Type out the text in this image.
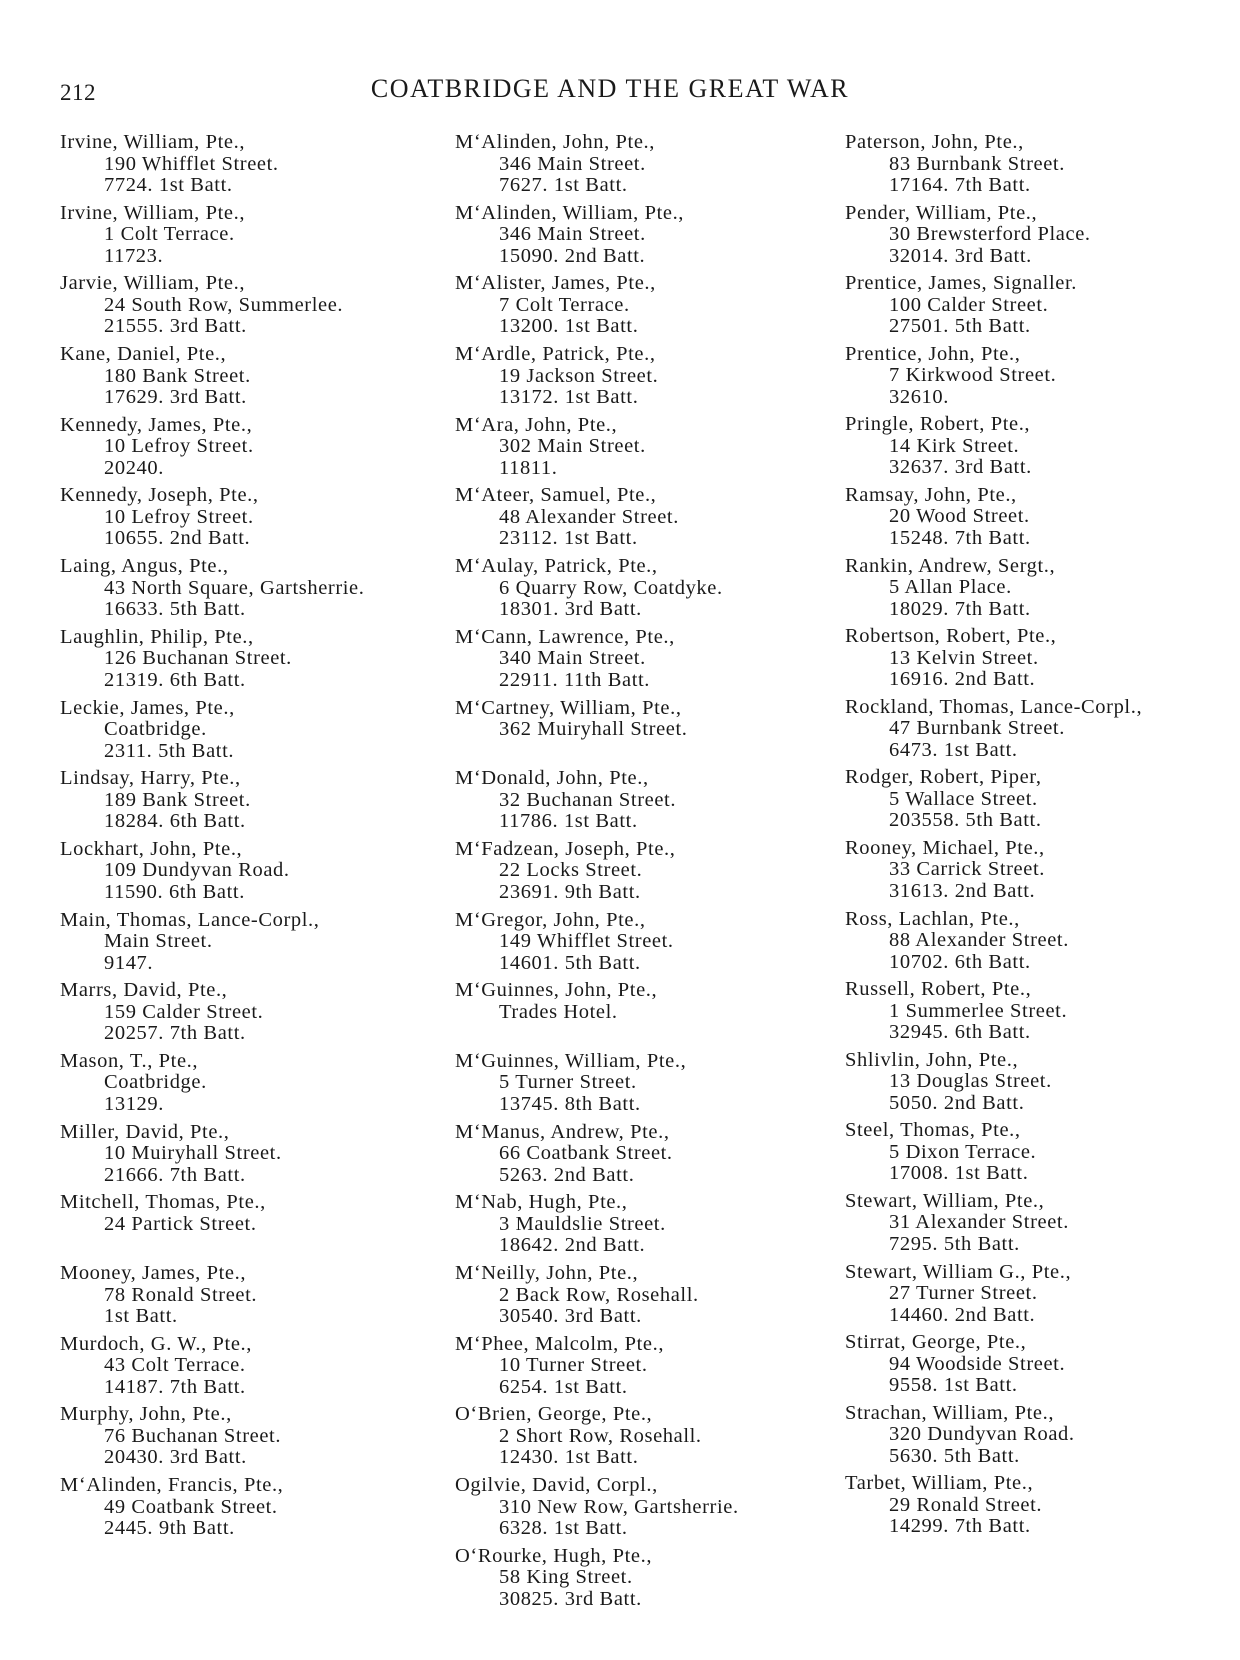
212	COATBRIDGE AND THE GREAT WAR
Irvine, William, Pte.,
190 Whifflet Street.
7724. 1st Batt.
Irvine, William, Pte.,
1 Colt Terrace.
11723.
Jarvie, William, Pte.,
24 South Row, Summerlee.
21555. 3rd Batt.
Kane, Daniel, Pte.,
180 Bank Street.
17629. 3rd Batt.
Kennedy, James, Pte.,
10 Lefroy Street.
20240.
Kennedy, Joseph, Pte.,
10 Lefroy Street.
10655. 2nd Batt.
Laing, Angus, Pte.,
43 North Square, Gartsherrie.
16633. 5th Batt.
Laughlin, Philip, Pte.,
126 Buchanan Street.
21319. 6th Batt.
Leckie, James, Pte.,
Coatbridge.
2311. 5th Batt.
Lindsay, Harry, Pte.,
189 Bank Street.
18284. 6th Batt.
Lockhart, John, Pte.,
109 Dundyvan Road.
11590. 6th Batt.
Main, Thomas, Lance-Corpl.,
Main Street.
9147.
Marrs, David, Pte.,
159 Calder Street.
20257. 7th Batt.
Mason, T., Pte.,
Coatbridge.
13129.
Miller, David, Pte.,
10 Muiryhall Street.
21666. 7th Batt.
Mitchell, Thomas, Pte.,
24 Partick Street.
Mooney, James, Pte.,
78 Ronald Street.
1st Batt.
Murdoch, G. W., Pte.,
43 Colt Terrace.
14187. 7th Batt.
Murphy, John, Pte.,
76 Buchanan Street.
20430. 3rd Batt.
M‘Alinden, Francis, Pte.,
49 Coatbank Street.
2445. 9th Batt.
M‘Alinden, John, Pte.,
346 Main Street.
7627. 1st Batt.
M‘Alinden, William, Pte.,
346 Main Street.
15090. 2nd Batt.
M‘Alister, James, Pte.,
7 Colt Terrace.
13200. 1st Batt.
M‘Ardle, Patrick, Pte.,
19 Jackson Street.
13172. 1st Batt.
M‘Ara, John, Pte.,
302 Main Street.
11811.
M‘Ateer, Samuel, Pte.,
48 Alexander Street.
23112. 1st Batt.
M‘Aulay, Patrick, Pte.,
6 Quarry Row, Coatdyke.
18301. 3rd Batt.
M‘Cann, Lawrence, Pte.,
340 Main Street.
22911. 11th Batt.
M‘Cartney, William, Pte.,
362 Muiryhall Street.
M‘Donald, John, Pte.,
32 Buchanan Street.
11786. 1st Batt.
M‘Fadzean, Joseph, Pte.,
22 Locks Street.
23691. 9th Batt.
M‘Gregor, John, Pte.,
149 Whifflet Street.
14601. 5th Batt.
M‘Guinnes, John, Pte.,
Trades Hotel.
M‘Guinnes, William, Pte.,
5 Turner Street.
13745. 8th Batt.
M‘Manus, Andrew, Pte.,
66 Coatbank Street.
5263. 2nd Batt.
M‘Nab, Hugh, Pte.,
3 Mauldslie Street.
18642. 2nd Batt.
M‘Neilly, John, Pte.,
2 Back Row, Rosehall.
30540. 3rd Batt.
M‘Phee, Malcolm, Pte.,
10 Turner Street.
6254. 1st Batt.
O‘Brien, George, Pte.,
2 Short Row, Rosehall.
12430. 1st Batt.
Ogilvie, David, Corpl.,
310 New Row, Gartsherrie.
6328. 1st Batt.
O‘Rourke, Hugh, Pte.,
58 King Street.
30825. 3rd Batt.
Paterson, John, Pte.,
83 Burnbank Street.
17164. 7th Batt.
Pender, William, Pte.,
30 Brewsterford Place.
32014. 3rd Batt.
Prentice, James, Signaller.
100 Calder Street.
27501. 5th Batt.
Prentice, John, Pte.,
7 Kirkwood Street.
32610.
Pringle, Robert, Pte.,
14 Kirk Street.
32637. 3rd Batt.
Ramsay, John, Pte.,
20 Wood Street.
15248. 7th Batt.
Rankin, Andrew, Sergt.,
5 Allan Place.
18029. 7th Batt.
Robertson, Robert, Pte.,
13 Kelvin Street.
16916. 2nd Batt.
Rockland, Thomas, Lance-Corpl.,
47 Burnbank Street.
6473. 1st Batt.
Rodger, Robert, Piper,
5 Wallace Street.
203558. 5th Batt.
Rooney, Michael, Pte.,
33 Carrick Street.
31613. 2nd Batt.
Ross, Lachlan, Pte.,
88 Alexander Street.
10702. 6th Batt.
Russell, Robert, Pte.,
1 Summerlee Street.
32945. 6th Batt.
Shlivlin, John, Pte.,
13 Douglas Street.
5050. 2nd Batt.
Steel, Thomas, Pte.,
5 Dixon Terrace.
17008. 1st Batt.
Stewart, William, Pte.,
31 Alexander Street.
7295. 5th Batt.
Stewart, William G., Pte.,
27 Turner Street.
14460. 2nd Batt.
Stirrat, George, Pte.,
94 Woodside Street.
9558. 1st Batt.
Strachan, William, Pte.,
320 Dundyvan Road.
5630. 5th Batt.
Tarbet, William, Pte.,
29 Ronald Street.
14299. 7th Batt.
